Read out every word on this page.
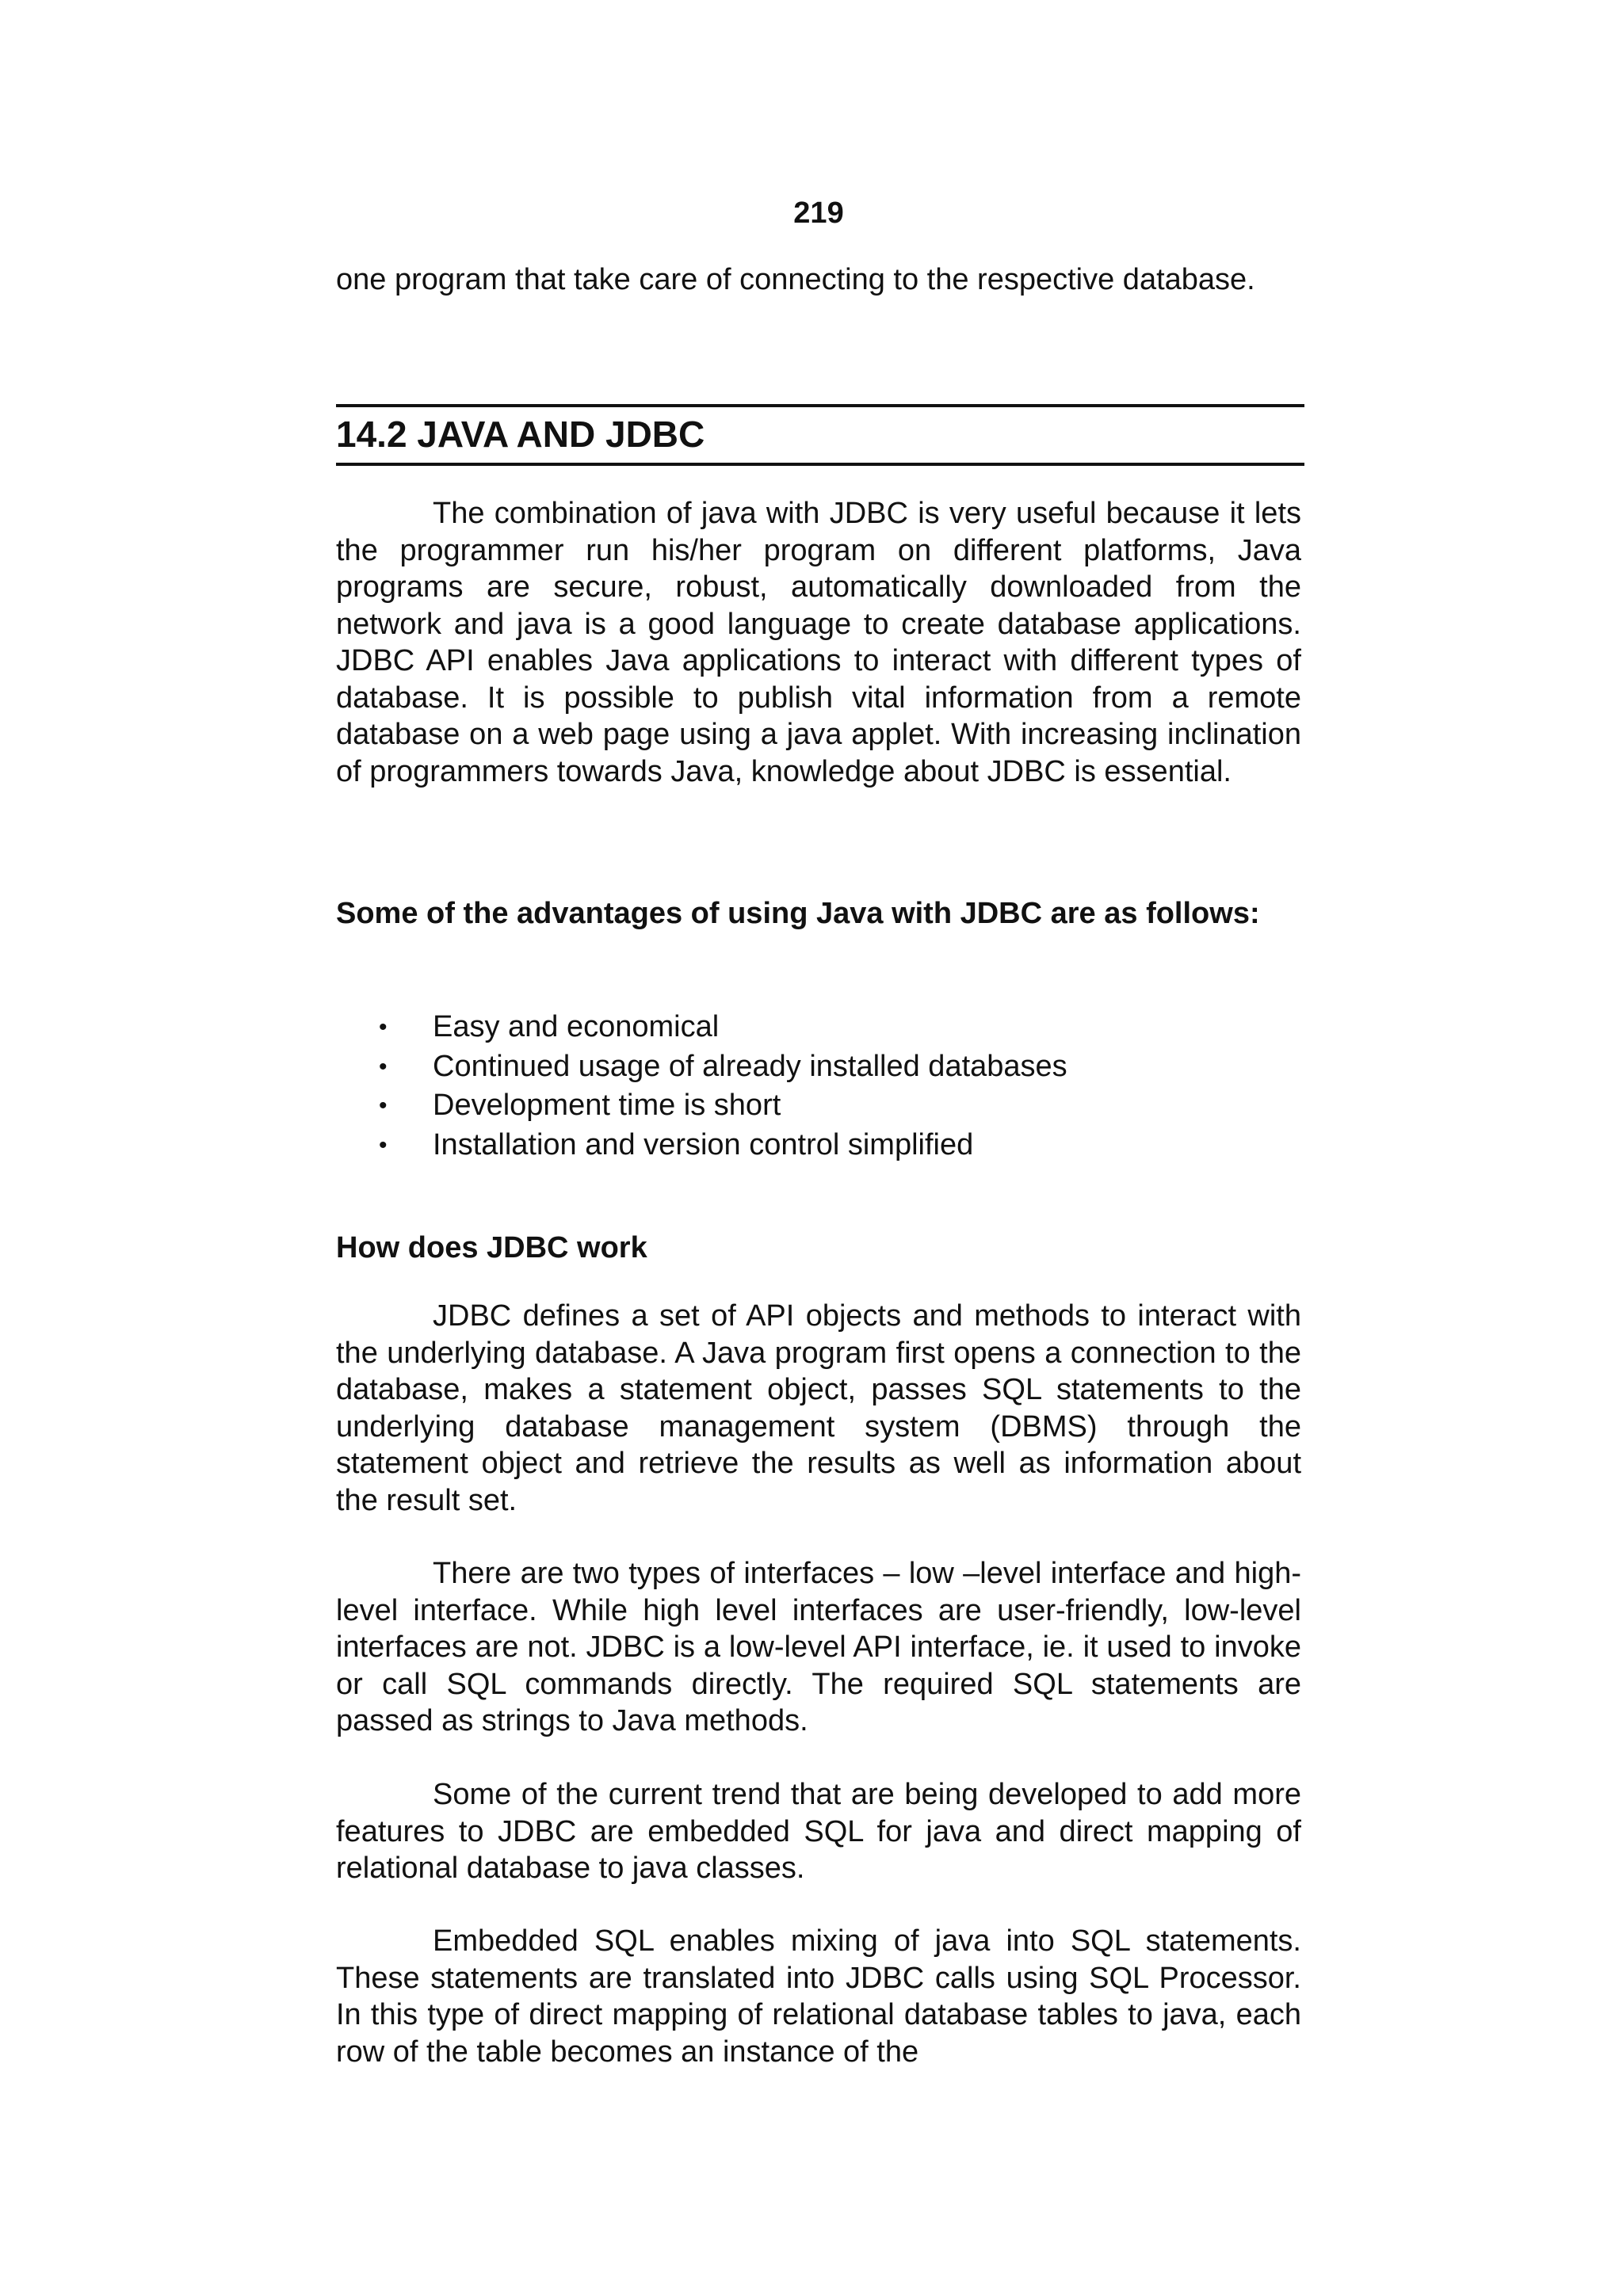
219

one program that take care of connecting to the respective database.

14.2 JAVA AND JDBC

The combination of java with JDBC is very useful because it lets the programmer run his/her program on different platforms, Java programs are secure, robust, automatically downloaded from the network and java is a good language to create database applications. JDBC API enables Java applications to interact with different types of database. It is possible to publish vital information from a remote database on a web page using a java applet. With increasing inclination of programmers towards Java, knowledge about JDBC is essential.

Some of the advantages of using Java with JDBC are as follows:

• Easy and economical
• Continued usage of already installed databases
• Development time is short
• Installation and version control simplified

How does JDBC work

JDBC defines a set of API objects and methods to interact with the underlying database. A Java program first opens a connection to the database, makes a statement object, passes SQL statements to the underlying database management system (DBMS) through the statement object and retrieve the results as well as information about the result set.

There are two types of interfaces – low –level interface and high-level interface. While high level interfaces are user-friendly, low-level interfaces are not. JDBC is a low-level API interface, ie. it used to invoke or call SQL commands directly. The required SQL statements are passed as strings to Java methods.

Some of the current trend that are being developed to add more features to JDBC are embedded SQL for java and direct mapping of relational database to java classes.

Embedded SQL enables mixing of java into SQL statements. These statements are translated into JDBC calls using SQL Processor. In this type of direct mapping of relational database tables to java, each row of the table becomes an instance of the
